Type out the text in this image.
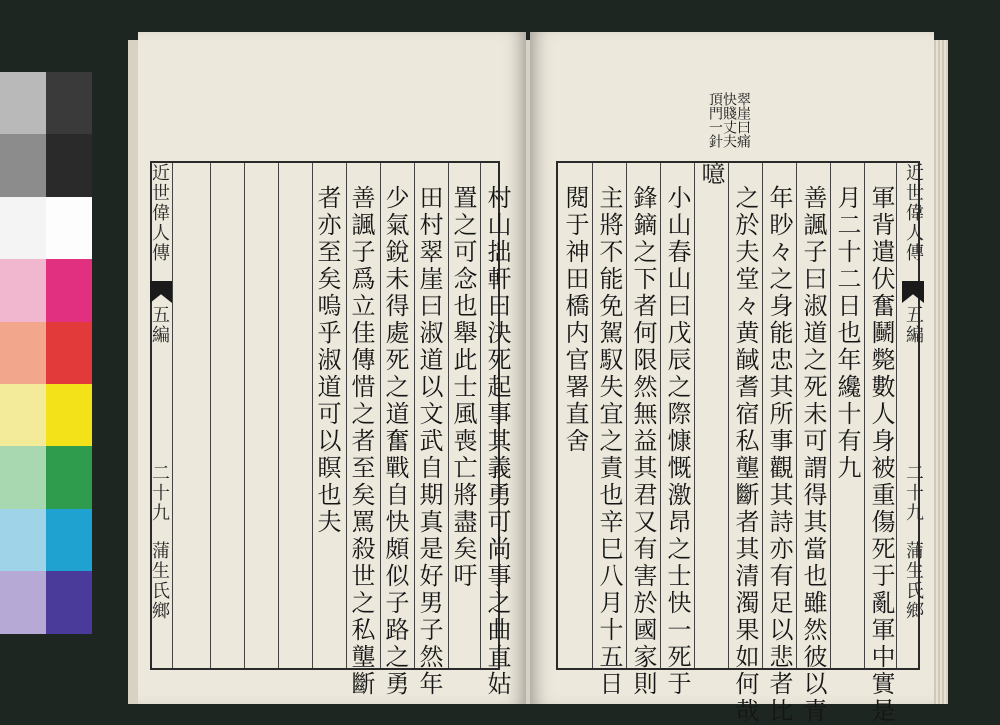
近世偉人傳
五編
二十九
蒲生氏鄉
者亦至矣嗚乎淑道可以瞑也夫 善諷子爲立佳傳惜之者至矣罵殺世之私壟斷 少氣銳未得處死之道奮戰自快頗似子路之勇 田村翠崖曰淑道以文武自期真是好男子然年 置之可念也舉此士風喪亡將盡矣吁 村山拙軒曰決死起事其義勇可尚事之曲直姑
頂門一針
快賤丈夫
翠崖曰痛
閱于神田橋内官署直舍 主將不能免駕馭失宜之責也辛巳八月十五日 鋒鏑之下者何限然無益其君又有害於國家則 小山春山曰戊辰之際慷慨激昂之士快一死于
噫
之於夫堂々黄馘耆宿私壟斷者其清濁果如何哉 年眇々之身能忠其所事觀其詩亦有足以悲者比 善諷子曰淑道之死未可謂得其當也雖然彼以青 月二十二日也年纔十有九 軍背遣伏奮鬭斃數人身被重傷死于亂軍中實是 近世偉人傳
五編
二十九
蒲生氏鄉
